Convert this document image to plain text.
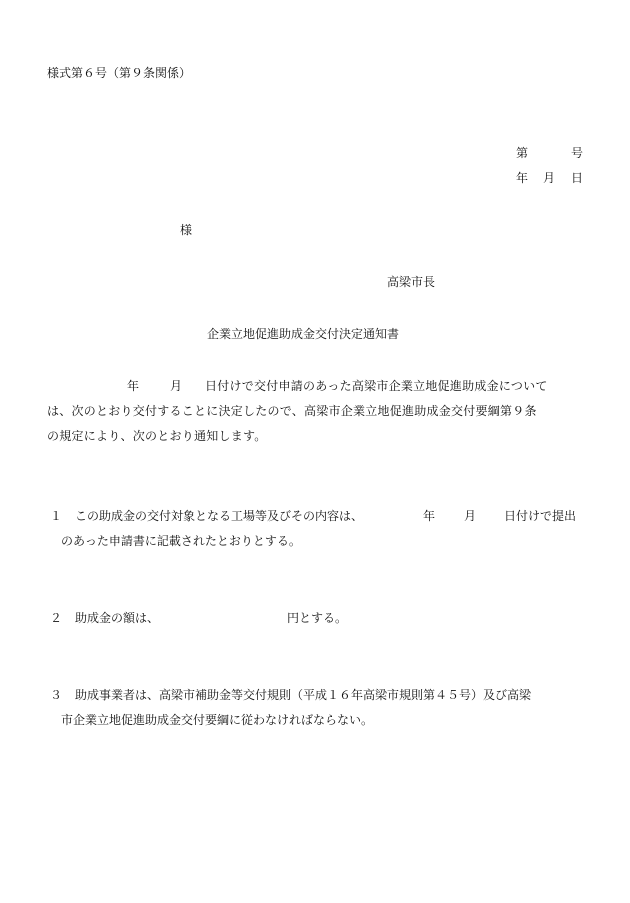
様式第６号（第９条関係）
第	号
年 月 日
様
高梁市長
企業立地促進助成金交付決定通知書
年	月 日付けで交付申請のあった高梁市企業立地促進助成金について
は、次のとおり交付することに決定したので、高梁市企業立地促進助成金交付要綱第９条
の規定により、次のとおり通知します。
１ この助成金の交付対象となる工場等及びその内容は、	年 月 日付けで提出
のあった申請書に記載されたとおりとする。
２ 助成金の額は、	円とする。
３ 助成事業者は、高梁市補助金等交付規則（平成１６年高梁市規則第４５号）及び高梁
市企業立地促進助成金交付要綱に従わなければならない。
